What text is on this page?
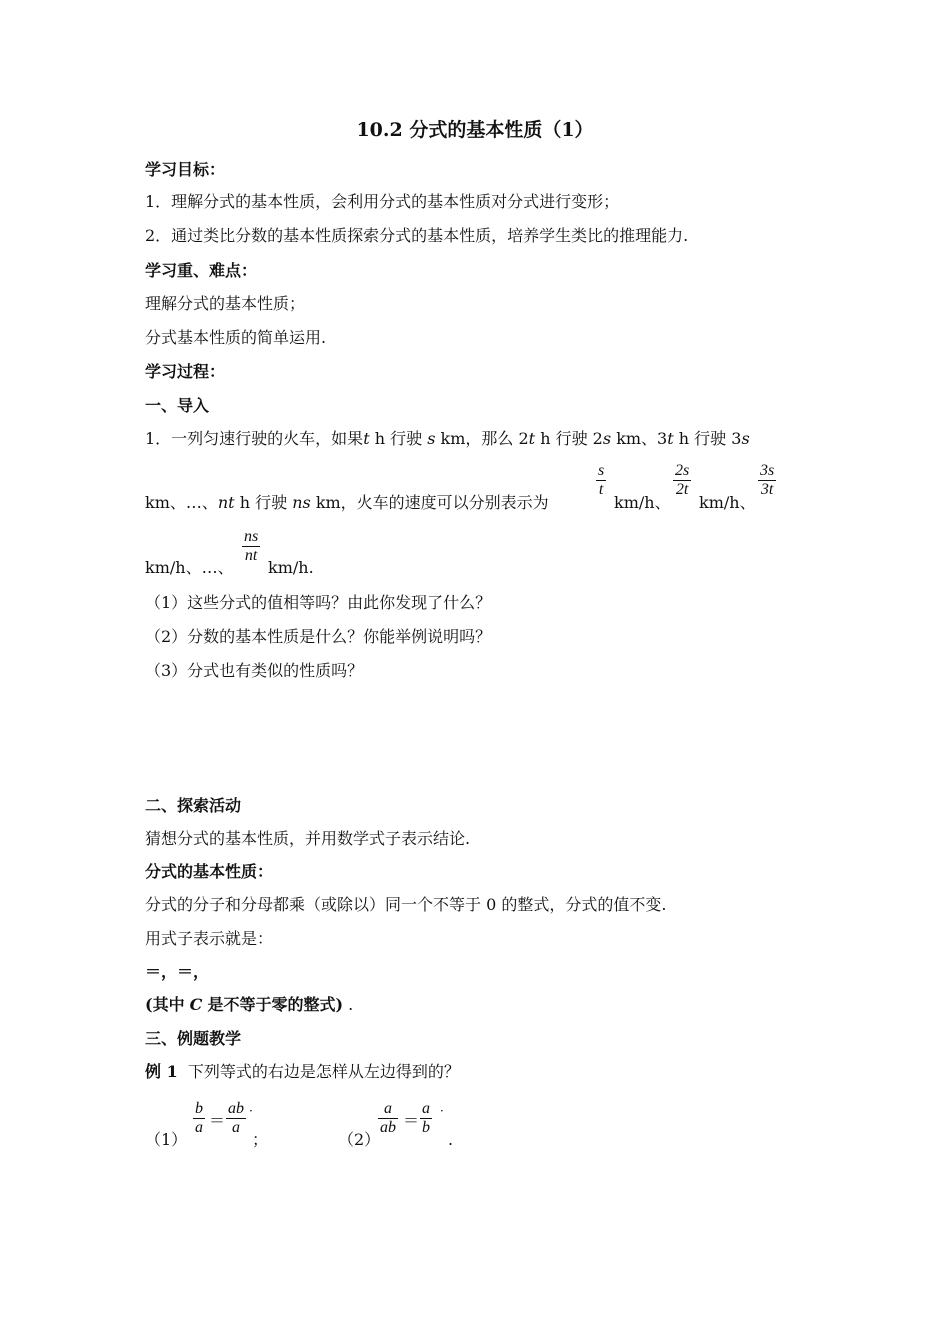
10.2 分式的基本性质（1）
学习目标：
1．理解分式的基本性质，会利用分式的基本性质对分式进行变形；
2．通过类比分数的基本性质探索分式的基本性质，培养学生类比的推理能力.
学习重、难点：
理解分式的基本性质；
分式基本性质的简单运用.
学习过程：
一、导入
1．一列匀速行驶的火车，如果t h 行驶 s km，那么 2t h 行驶 2s km、3t h 行驶 3s
km、…、nt h 行驶 ns km，火车的速度可以分别表示为
$\frac{s}{t}$
km/h、
$\frac{2s}{2t}$
km/h、
$\frac{3s}{3t}$
km/h、…、
$\frac{ns}{nt}$
km/h.
（1）这些分式的值相等吗？由此你发现了什么？
（2）分数的基本性质是什么？你能举例说明吗？
（3）分式也有类似的性质吗？
二、探索活动
猜想分式的基本性质，并用数学式子表示结论.
分式的基本性质：
分式的分子和分母都乘（或除以）同一个不等于 0 的整式，分式的值不变.
用式子表示就是：
＝，＝，
(其中 C 是不等于零的整式) .
三、例题教学
例 1 下列等式的右边是怎样从左边得到的？
（1）
$\frac{b}{a} = \frac{ab}{a}$ ·
；	（2）
$\frac{a}{ab} = \frac{a}{b}$ ·
.
